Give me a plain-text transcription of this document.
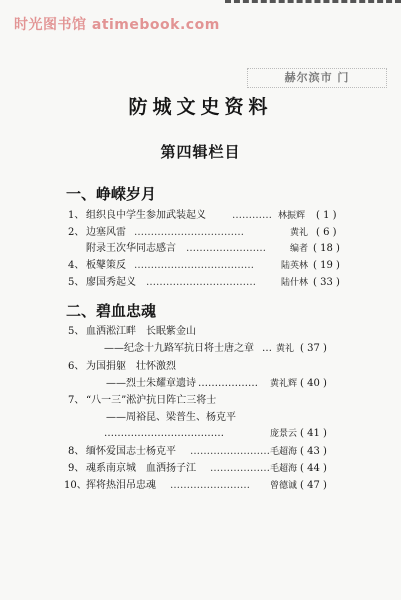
时光图书馆 atimebook.com
赫尔滨市 门
防城文史资料
第四辑栏目
一、峥嵘岁月
1、 组织良中学生参加武装起义	………… 林振辉 ( 1 )
2、 边塞风雷 ……………………………	黄礼 ( 6 )
附录王次华同志感言 ……………………	编者 ( 18 )
4、 板鼕策反 ………………………………	陆英林 ( 19 )
5、 廖国秀起义 ……………………………	陆什林 ( 33 )
二、碧血忠魂
5、 血洒淞江畔　长眠紫金山
——纪念十九路军抗日将士唐之章 … 黄礼 ( 37 )
6、 为国捐躯　壮怀激烈
——烈士朱耀章遗诗 ………………	黄礼辉 ( 40 )
7、 “八一三”淞沪抗日阵亡三将士
——周裕昆、梁普生、杨克平
………………………………	庞景云 ( 41 )
8、 缅怀爱国志士杨克平 …………………… 毛超海 ( 43 )
9、 魂系南京城　血洒扬子江 ……………… 毛超海 ( 44 )
10、 挥将热泪吊忠魂 ……………………	曾德诚 ( 47 )
